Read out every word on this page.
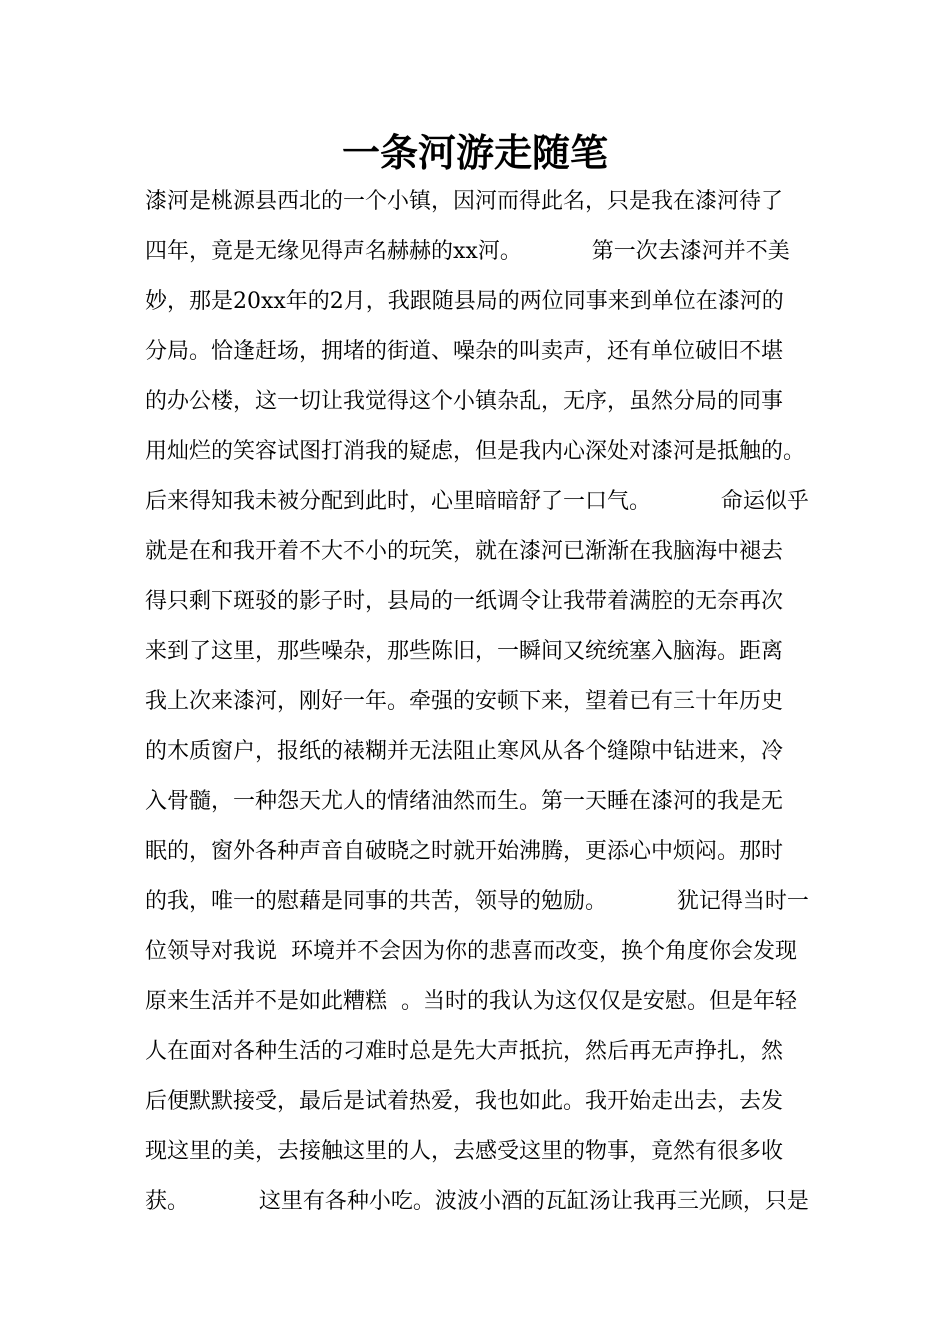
一条河游走随笔
漆河是桃源县西北的一个小镇，因河而得此名，只是我在漆河待了
四年，竟是无缘见得声名赫赫的xx河。          第一次去漆河并不美
妙，那是20xx年的2月，我跟随县局的两位同事来到单位在漆河的
分局。恰逢赶场，拥堵的街道、噪杂的叫卖声，还有单位破旧不堪
的办公楼，这一切让我觉得这个小镇杂乱，无序，虽然分局的同事
用灿烂的笑容试图打消我的疑虑，但是我内心深处对漆河是抵触的。
后来得知我未被分配到此时，心里暗暗舒了一口气。          命运似乎
就是在和我开着不大不小的玩笑，就在漆河已渐渐在我脑海中褪去
得只剩下斑驳的影子时，县局的一纸调令让我带着满腔的无奈再次
来到了这里，那些噪杂，那些陈旧，一瞬间又统统塞入脑海。距离
我上次来漆河，刚好一年。牵强的安顿下来，望着已有三十年历史
的木质窗户，报纸的裱糊并无法阻止寒风从各个缝隙中钻进来，冷
入骨髓，一种怨天尤人的情绪油然而生。第一天睡在漆河的我是无
眠的，窗外各种声音自破晓之时就开始沸腾，更添心中烦闷。那时
的我，唯一的慰藉是同事的共苦，领导的勉励。          犹记得当时一
位领导对我说  环境并不会因为你的悲喜而改变，换个角度你会发现
原来生活并不是如此糟糕  。当时的我认为这仅仅是安慰。但是年轻
人在面对各种生活的刁难时总是先大声抵抗，然后再无声挣扎，然
后便默默接受，最后是试着热爱，我也如此。我开始走出去，去发
现这里的美，去接触这里的人，去感受这里的物事，竟然有很多收
获。          这里有各种小吃。波波小酒的瓦缸汤让我再三光顾，只是
